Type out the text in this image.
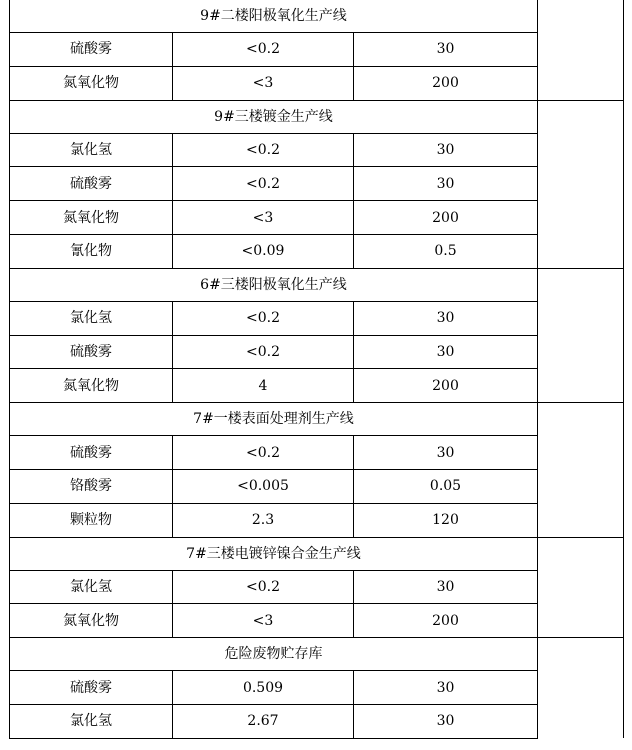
9#二楼阳极氧化生产线			
硫酸雾	<0.2	30	
氮氧化物	<3	200	
9#三楼镀金生产线			
氯化氢	<0.2	30	
硫酸雾	<0.2	30	
氮氧化物	<3	200	
氰化物	<0.09	0.5	
6#三楼阳极氧化生产线			
氯化氢	<0.2	30	
硫酸雾	<0.2	30	
氮氧化物	4	200	
7#一楼表面处理剂生产线			
硫酸雾	<0.2	30	
铬酸雾	<0.005	0.05	
颗粒物	2.3	120	
7#三楼电镀锌镍合金生产线			
氯化氢	<0.2	30	
氮氧化物	<3	200	
危险废物贮存库			
硫酸雾	0.509	30	
氯化氢	2.67	30	
